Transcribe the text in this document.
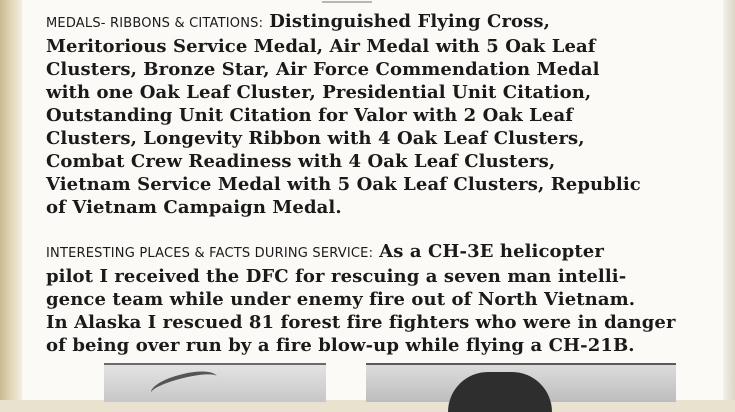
MEDALS- RIBBONS & CITATIONS: Distinguished Flying Cross,
Meritorious Service Medal, Air Medal with 5 Oak Leaf
Clusters, Bronze Star, Air Force Commendation Medal
with one Oak Leaf Cluster, Presidential Unit Citation,
Outstanding Unit Citation for Valor with 2 Oak Leaf
Clusters, Longevity Ribbon with 4 Oak Leaf Clusters,
Combat Crew Readiness with 4 Oak Leaf Clusters,
Vietnam Service Medal with 5 Oak Leaf Clusters, Republic
of Vietnam Campaign Medal.

INTERESTING PLACES & FACTS DURING SERVICE: As a CH-3E helicopter
pilot I received the DFC for rescuing a seven man intelli-
gence team while under enemy fire out of North Vietnam.
In Alaska I rescued 81 forest fire fighters who were in danger
of being over run by a fire blow-up while flying a CH-21B.
